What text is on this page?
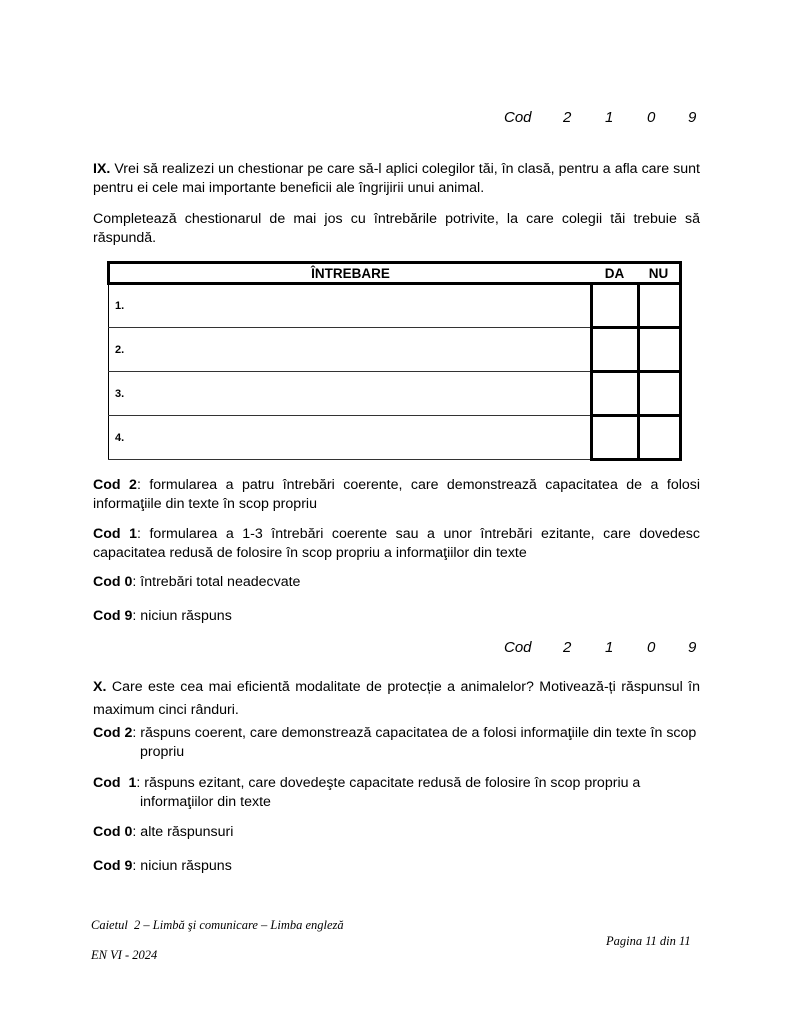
Cod 2 1 0 9

IX. Vrei să realizezi un chestionar pe care să-l aplici colegilor tăi, în clasă, pentru a afla care sunt pentru ei cele mai importante beneficii ale îngrijirii unui animal.

Completează chestionarul de mai jos cu întrebările potrivite, la care colegii tăi trebuie să răspundă.

ÎNTREBARE	DA	NU
1.		
2.		
3.		
4.		

Cod 2: formularea a patru întrebări coerente, care demonstrează capacitatea de a folosi informaţiile din texte în scop propriu

Cod 1: formularea a 1-3 întrebări coerente sau a unor întrebări ezitante, care dovedesc capacitatea redusă de folosire în scop propriu a informaţiilor din texte

Cod 0: întrebări total neadecvate

Cod 9: niciun răspuns

Cod 2 1 0 9

X. Care este cea mai eficientă modalitate de protecție a animalelor? Motivează-ți răspunsul în maximum cinci rânduri.

Cod 2: răspuns coerent, care demonstrează capacitatea de a folosi informaţiile din texte în scop
propriu
Cod  1: răspuns ezitant, care dovedeşte capacitate redusă de folosire în scop propriu a
informaţiilor din texte
Cod 0: alte răspunsuri
Cod 9: niciun răspuns
Caietul  2 – Limbă şi comunicare – Limba engleză
EN VI - 2024
Pagina 11 din 11
